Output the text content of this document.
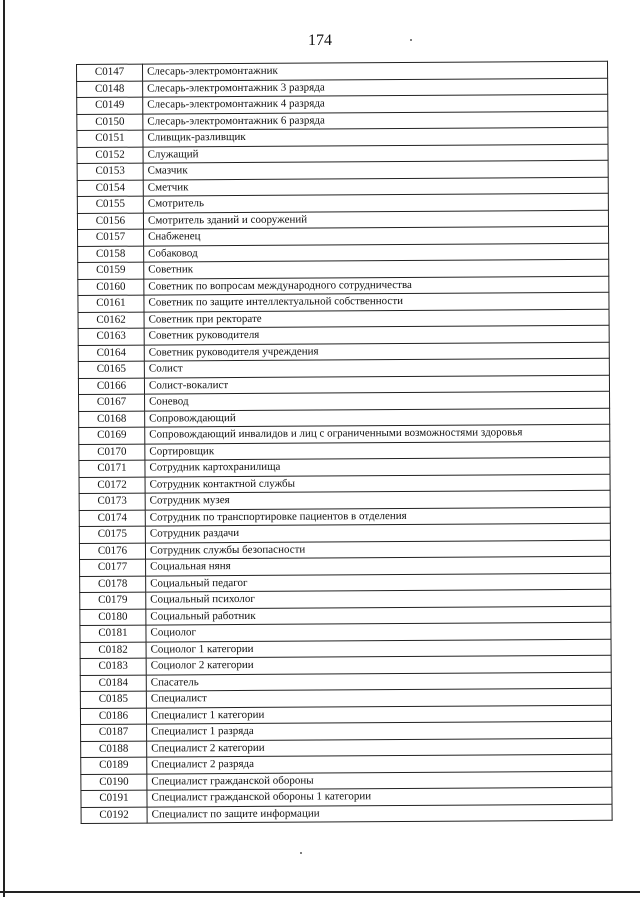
174
C0147	Слесарь-электромонтажник
C0148	Слесарь-электромонтажник 3 разряда
C0149	Слесарь-электромонтажник 4 разряда
C0150	Слесарь-электромонтажник 6 разряда
C0151	Сливщик-разливщик
C0152	Служащий
C0153	Смазчик
C0154	Сметчик
C0155	Смотритель
C0156	Смотритель зданий и сооружений
C0157	Снабженец
C0158	Собаковод
C0159	Советник
C0160	Советник по вопросам международного сотрудничества
C0161	Советник по защите интеллектуальной собственности
C0162	Советник при ректорате
C0163	Советник руководителя
C0164	Советник руководителя учреждения
C0165	Солист
C0166	Солист-вокалист
C0167	Соневод
C0168	Сопровождающий
C0169	Сопровождающий инвалидов и лиц с ограниченными возможностями здоровья
C0170	Сортировщик
C0171	Сотрудник картохранилища
C0172	Сотрудник контактной службы
C0173	Сотрудник музея
C0174	Сотрудник по транспортировке пациентов в отделения
C0175	Сотрудник раздачи
C0176	Сотрудник службы безопасности
C0177	Социальная няня
C0178	Социальный педагог
C0179	Социальный психолог
C0180	Социальный работник
C0181	Социолог
C0182	Социолог 1 категории
C0183	Социолог 2 категории
C0184	Спасатель
C0185	Специалист
C0186	Специалист 1 категории
C0187	Специалист 1 разряда
C0188	Специалист 2 категории
C0189	Специалист 2 разряда
C0190	Специалист гражданской обороны
C0191	Специалист гражданской обороны 1 категории
C0192	Специалист по защите информации
